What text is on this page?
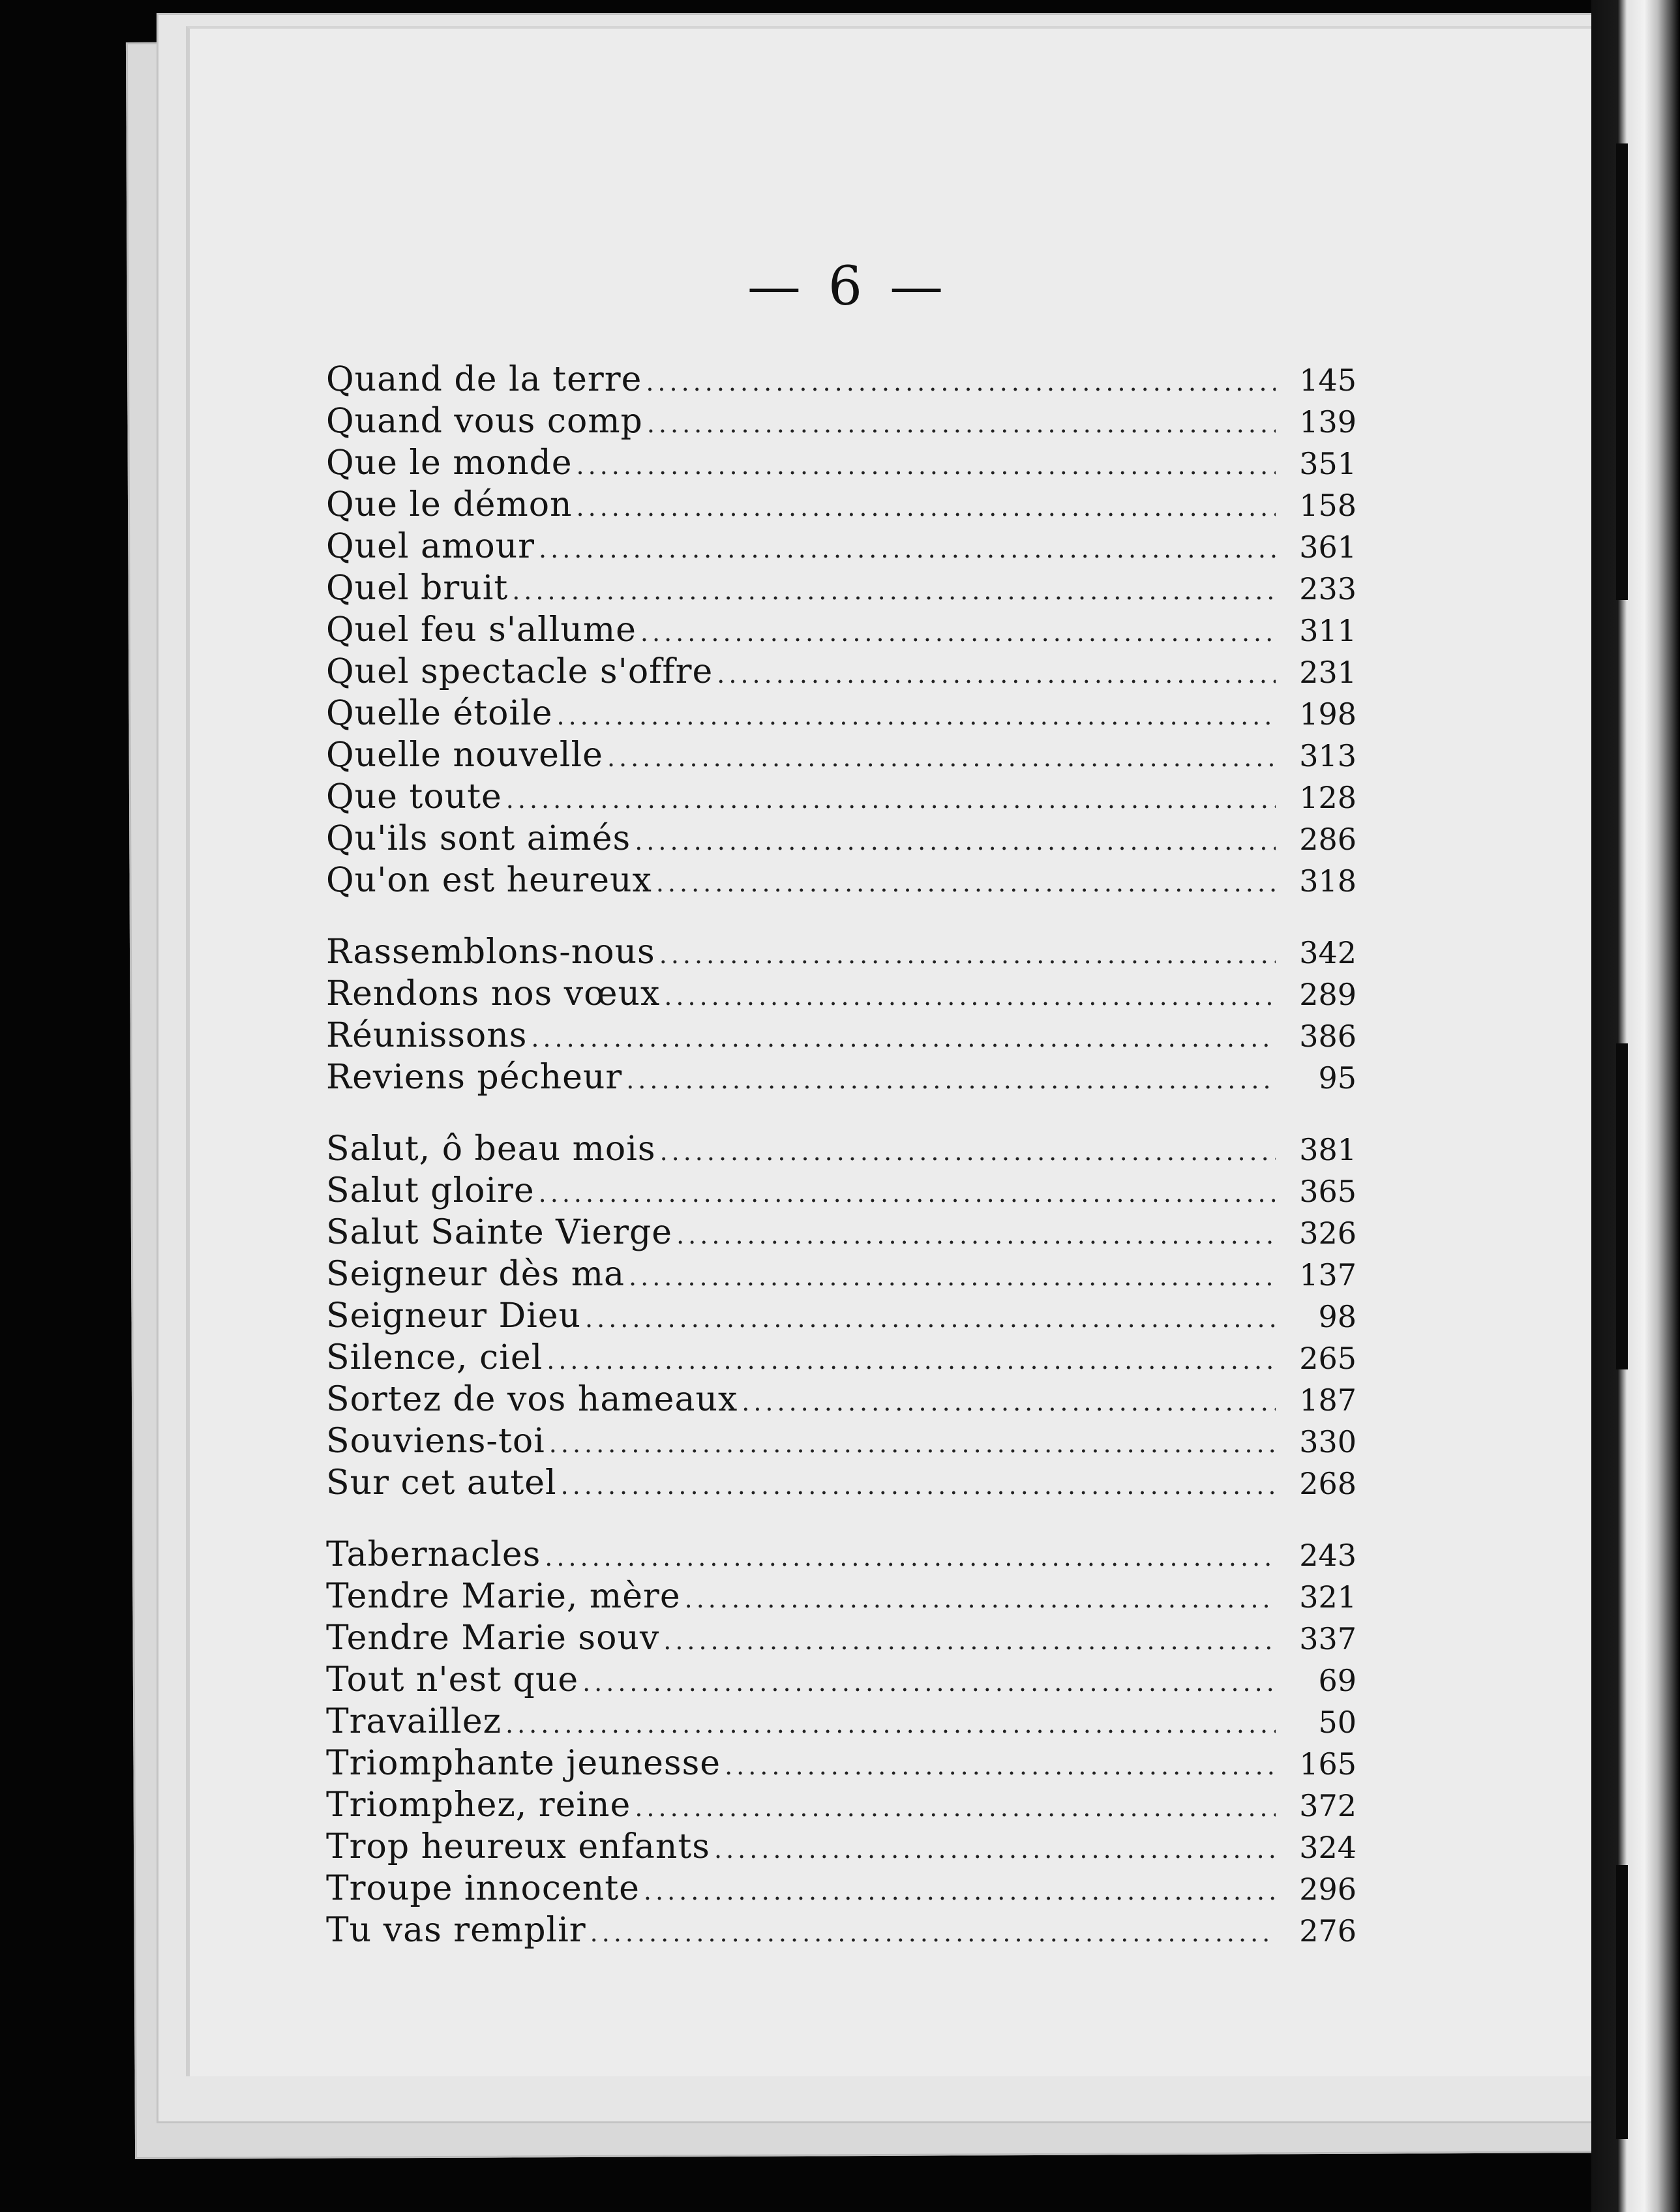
— 6 —
Quand de la terre .....	145
Quand vous comp .....	139
Que le monde .....	351
Que le démon .....	158
Quel amour .....	361
Quel bruit .....	233
Quel feu s'allume .....	311
Quel spectacle s'offre .....	231
Quelle étoile .....	198
Quelle nouvelle .....	313
Que toute .....	128
Qu'ils sont aimés .....	286
Qu'on est heureux .....	318
Rassemblons-nous .....	342
Rendons nos vœux .....	289
Réunissons .....	386
Reviens pécheur .....	95
Salut, ô beau mois .....	381
Salut gloire .....	365
Salut Sainte Vierge .....	326
Seigneur dès ma .....	137
Seigneur Dieu .....	98
Silence, ciel .....	265
Sortez de vos hameaux .....	187
Souviens-toi .....	330
Sur cet autel .....	268
Tabernacles .....	243
Tendre Marie, mère .....	321
Tendre Marie souv .....	337
Tout n'est que .....	69
Travaillez .....	50
Triomphante jeunesse .....	165
Triomphez, reine .....	372
Trop heureux enfants .....	324
Troupe innocente .....	296
Tu vas remplir .....	276
